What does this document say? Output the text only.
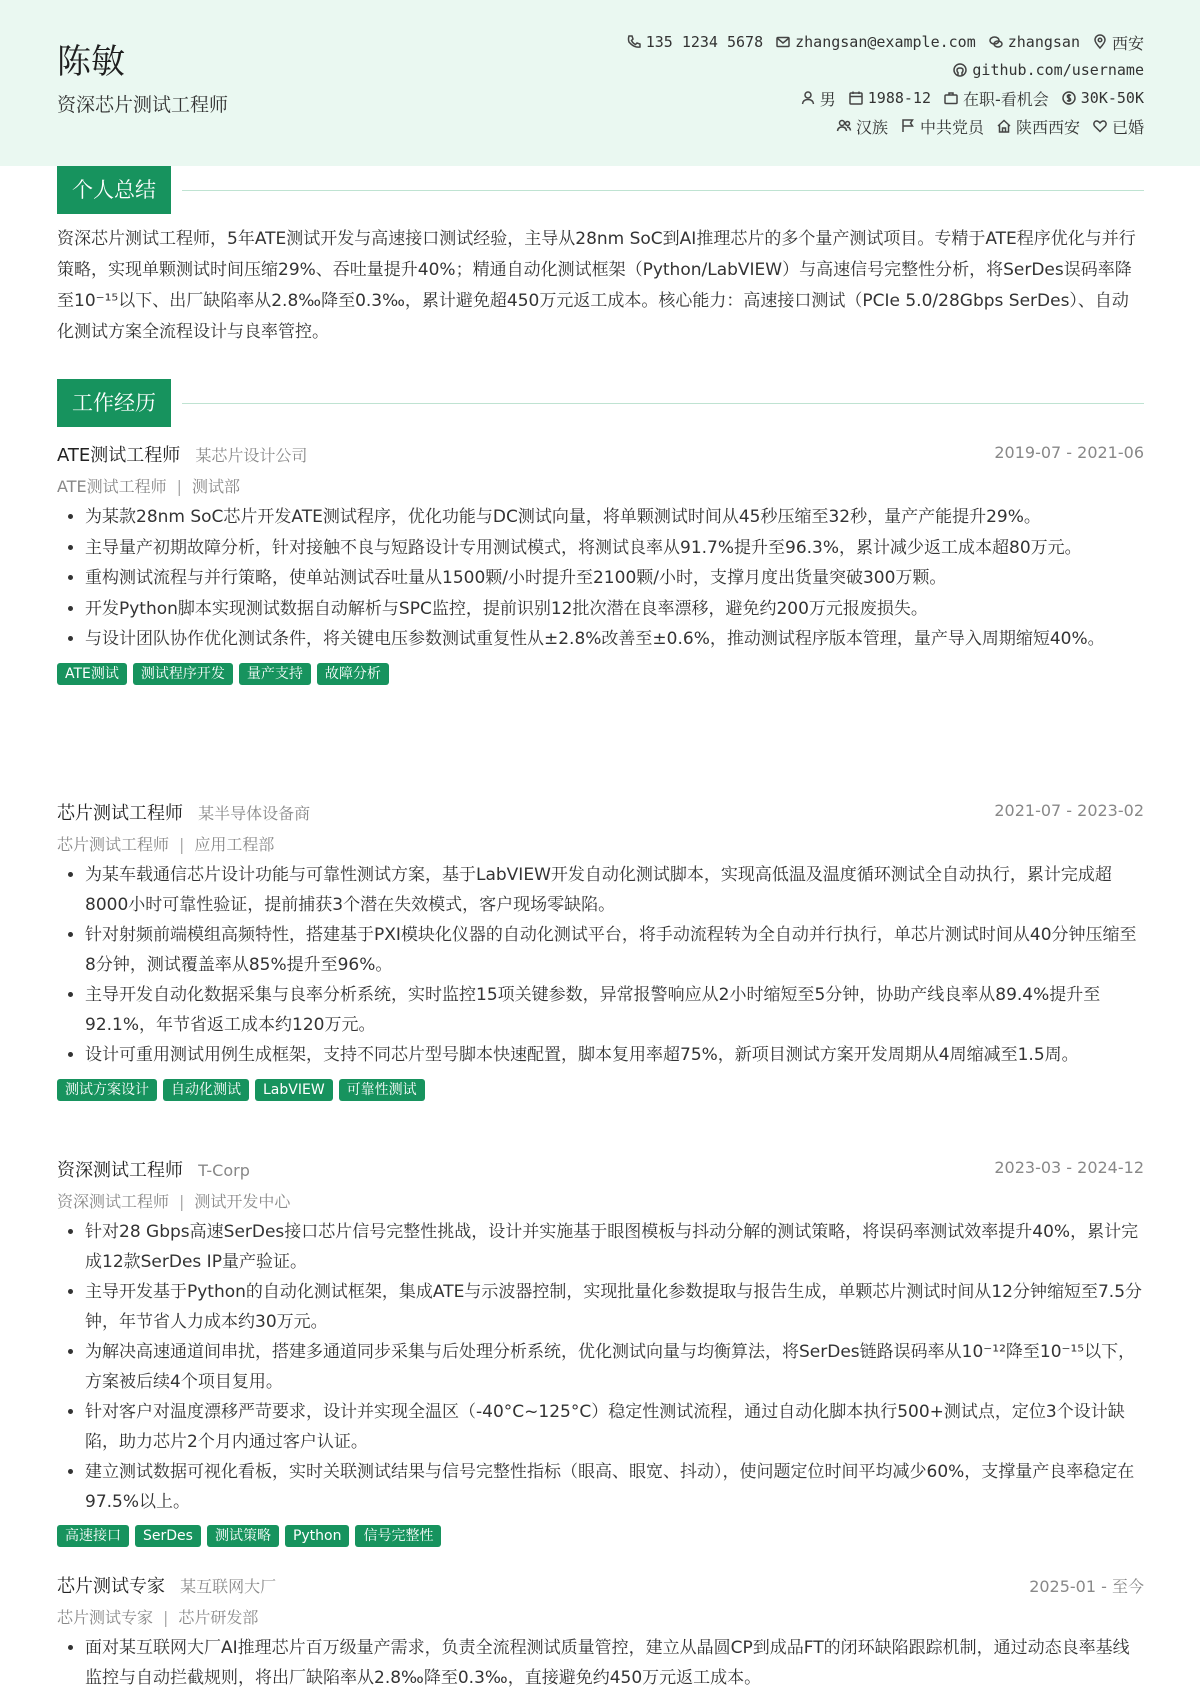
陈敏
资深芯片测试工程师
135 1234 5678 zhangsan@example.com zhangsan 西安
github.com/username
男 1988-12 在职-看机会 30K-50K
汉族 中共党员 陕西西安 已婚
个人总结
资深芯片测试工程师，5年ATE测试开发与高速接口测试经验，主导从28nm SoC到AI推理芯片的多个量产测试项目。专精于ATE程序优化与并行策略，实现单颗测试时间压缩29%、吞吐量提升40%；精通自动化测试框架（Python/LabVIEW）与高速信号完整性分析，将SerDes误码率降至10⁻¹⁵以下、出厂缺陷率从2.8‰降至0.3‰，累计避免超450万元返工成本。核心能力：高速接口测试（PCIe 5.0/28Gbps SerDes）、自动化测试方案全流程设计与良率管控。
工作经历
ATE测试工程师 某芯片设计公司	2019-07 - 2021-06
ATE测试工程师 | 测试部
• 为某款28nm SoC芯片开发ATE测试程序，优化功能与DC测试向量，将单颗测试时间从45秒压缩至32秒，量产产能提升29%。
• 主导量产初期故障分析，针对接触不良与短路设计专用测试模式，将测试良率从91.7%提升至96.3%，累计减少返工成本超80万元。
• 重构测试流程与并行策略，使单站测试吞吐量从1500颗/小时提升至2100颗/小时，支撑月度出货量突破300万颗。
• 开发Python脚本实现测试数据自动解析与SPC监控，提前识别12批次潜在良率漂移，避免约200万元报废损失。
• 与设计团队协作优化测试条件，将关键电压参数测试重复性从±2.8%改善至±0.6%，推动测试程序版本管理，量产导入周期缩短40%。
ATE测试	测试程序开发	量产支持	故障分析
芯片测试工程师 某半导体设备商	2021-07 - 2023-02
芯片测试工程师 | 应用工程部
• 为某车载通信芯片设计功能与可靠性测试方案，基于LabVIEW开发自动化测试脚本，实现高低温及温度循环测试全自动执行，累计完成超8000小时可靠性验证，提前捕获3个潜在失效模式，客户现场零缺陷。
• 针对射频前端模组高频特性，搭建基于PXI模块化仪器的自动化测试平台，将手动流程转为全自动并行执行，单芯片测试时间从40分钟压缩至8分钟，测试覆盖率从85%提升至96%。
• 主导开发自动化数据采集与良率分析系统，实时监控15项关键参数，异常报警响应从2小时缩短至5分钟，协助产线良率从89.4%提升至92.1%，年节省返工成本约120万元。
• 设计可重用测试用例生成框架，支持不同芯片型号脚本快速配置，脚本复用率超75%，新项目测试方案开发周期从4周缩减至1.5周。
测试方案设计	自动化测试	LabVIEW	可靠性测试
资深测试工程师 T-Corp	2023-03 - 2024-12
资深测试工程师 | 测试开发中心
• 针对28 Gbps高速SerDes接口芯片信号完整性挑战，设计并实施基于眼图模板与抖动分解的测试策略，将误码率测试效率提升40%，累计完成12款SerDes IP量产验证。
• 主导开发基于Python的自动化测试框架，集成ATE与示波器控制，实现批量化参数提取与报告生成，单颗芯片测试时间从12分钟缩短至7.5分钟，年节省人力成本约30万元。
• 为解决高速通道间串扰，搭建多通道同步采集与后处理分析系统，优化测试向量与均衡算法，将SerDes链路误码率从10⁻¹²降至10⁻¹⁵以下，方案被后续4个项目复用。
• 针对客户对温度漂移严苛要求，设计并实现全温区（-40°C~125°C）稳定性测试流程，通过自动化脚本执行500+测试点，定位3个设计缺陷，助力芯片2个月内通过客户认证。
• 建立测试数据可视化看板，实时关联测试结果与信号完整性指标（眼高、眼宽、抖动），使问题定位时间平均减少60%，支撑量产良率稳定在97.5%以上。
高速接口	SerDes	测试策略	Python	信号完整性
芯片测试专家 某互联网大厂	2025-01 - 至今
芯片测试专家 | 芯片研发部
• 面对某互联网大厂AI推理芯片百万级量产需求，负责全流程测试质量管控，建立从晶圆CP到成品FT的闭环缺陷跟踪机制，通过动态良率基线监控与自动拦截规则，将出厂缺陷率从2.8‰降至0.3‰，直接避免约450万元返工成本。
